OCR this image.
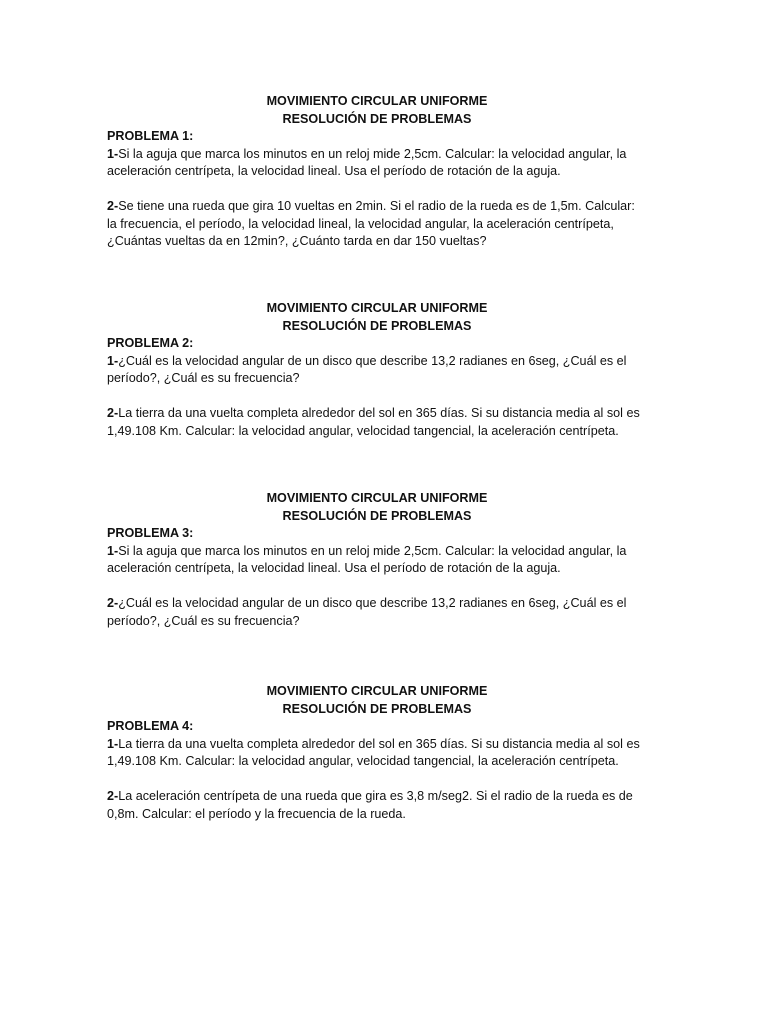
MOVIMIENTO CIRCULAR UNIFORME

RESOLUCIÓN DE PROBLEMAS

PROBLEMA 1:

1-Si la aguja que marca los minutos en un reloj mide 2,5cm. Calcular: la velocidad angular, la aceleración centrípeta, la velocidad lineal. Usa el período de rotación de la aguja.

2-Se tiene una rueda que gira 10 vueltas en 2min. Si el radio de la rueda es de 1,5m. Calcular: la frecuencia, el período, la velocidad lineal, la velocidad angular, la aceleración centrípeta, ¿Cuántas vueltas da en 12min?, ¿Cuánto tarda en dar 150 vueltas?

MOVIMIENTO CIRCULAR UNIFORME

RESOLUCIÓN DE PROBLEMAS

PROBLEMA 2:

1-¿Cuál es la velocidad angular de un disco que describe 13,2 radianes en 6seg, ¿Cuál es el período?, ¿Cuál es su frecuencia?

2-La tierra da una vuelta completa alrededor del sol en 365 días. Si su distancia media al sol es 1,49.108 Km. Calcular: la velocidad angular, velocidad tangencial, la aceleración centrípeta.

MOVIMIENTO CIRCULAR UNIFORME

RESOLUCIÓN DE PROBLEMAS

PROBLEMA 3:

1-Si la aguja que marca los minutos en un reloj mide 2,5cm. Calcular: la velocidad angular, la aceleración centrípeta, la velocidad lineal. Usa el período de rotación de la aguja.

2-¿Cuál es la velocidad angular de un disco que describe 13,2 radianes en 6seg, ¿Cuál es el período?, ¿Cuál es su frecuencia?

MOVIMIENTO CIRCULAR UNIFORME

RESOLUCIÓN DE PROBLEMAS

PROBLEMA 4:

1-La tierra da una vuelta completa alrededor del sol en 365 días. Si su distancia media al sol es 1,49.108 Km. Calcular: la velocidad angular, velocidad tangencial, la aceleración centrípeta.

2-La aceleración centrípeta de una rueda que gira es 3,8 m/seg2. Si el radio de la rueda es de 0,8m. Calcular: el período y la frecuencia de la rueda.
